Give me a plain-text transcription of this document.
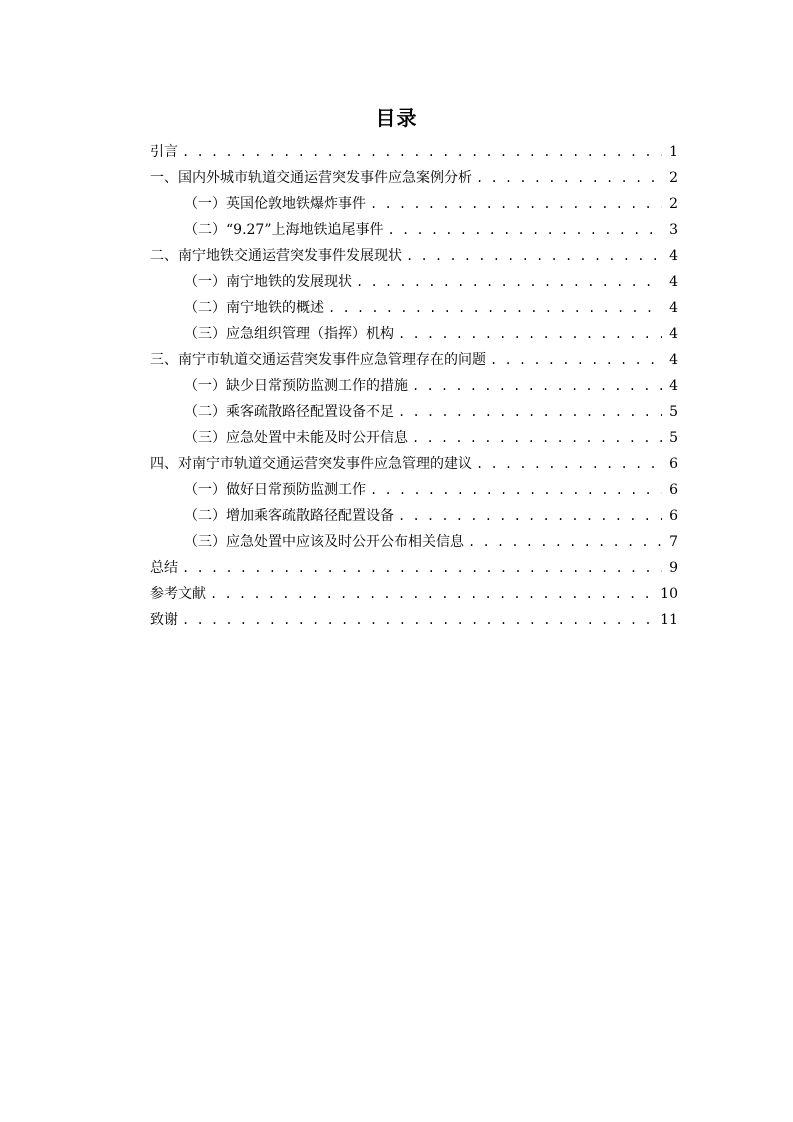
目录
引言 . . .	1
一、国内外城市轨道交通运营突发事件应急案例分析 . . .	2
（一）英国伦敦地铁爆炸事件 . . .	2
（二）“9.27”上海地铁追尾事件 . . .	3
二、南宁地铁交通运营突发事件发展现状 . . .	4
（一）南宁地铁的发展现状 . . .	4
（二）南宁地铁的概述 . . .	4
（三）应急组织管理（指挥）机构 . . .	4
三、南宁市轨道交通运营突发事件应急管理存在的问题 . . .	4
（一）缺少日常预防监测工作的措施 . . .	4
（二）乘客疏散路径配置设备不足 . . .	5
（三）应急处置中未能及时公开信息 . . .	5
四、对南宁市轨道交通运营突发事件应急管理的建议 . . .	6
（一）做好日常预防监测工作 . . .	6
（二）增加乘客疏散路径配置设备 . . .	6
（三）应急处置中应该及时公开公布相关信息 . . .	7
总结 . . .	9
参考文献 . . .	10
致谢 . . .	11
